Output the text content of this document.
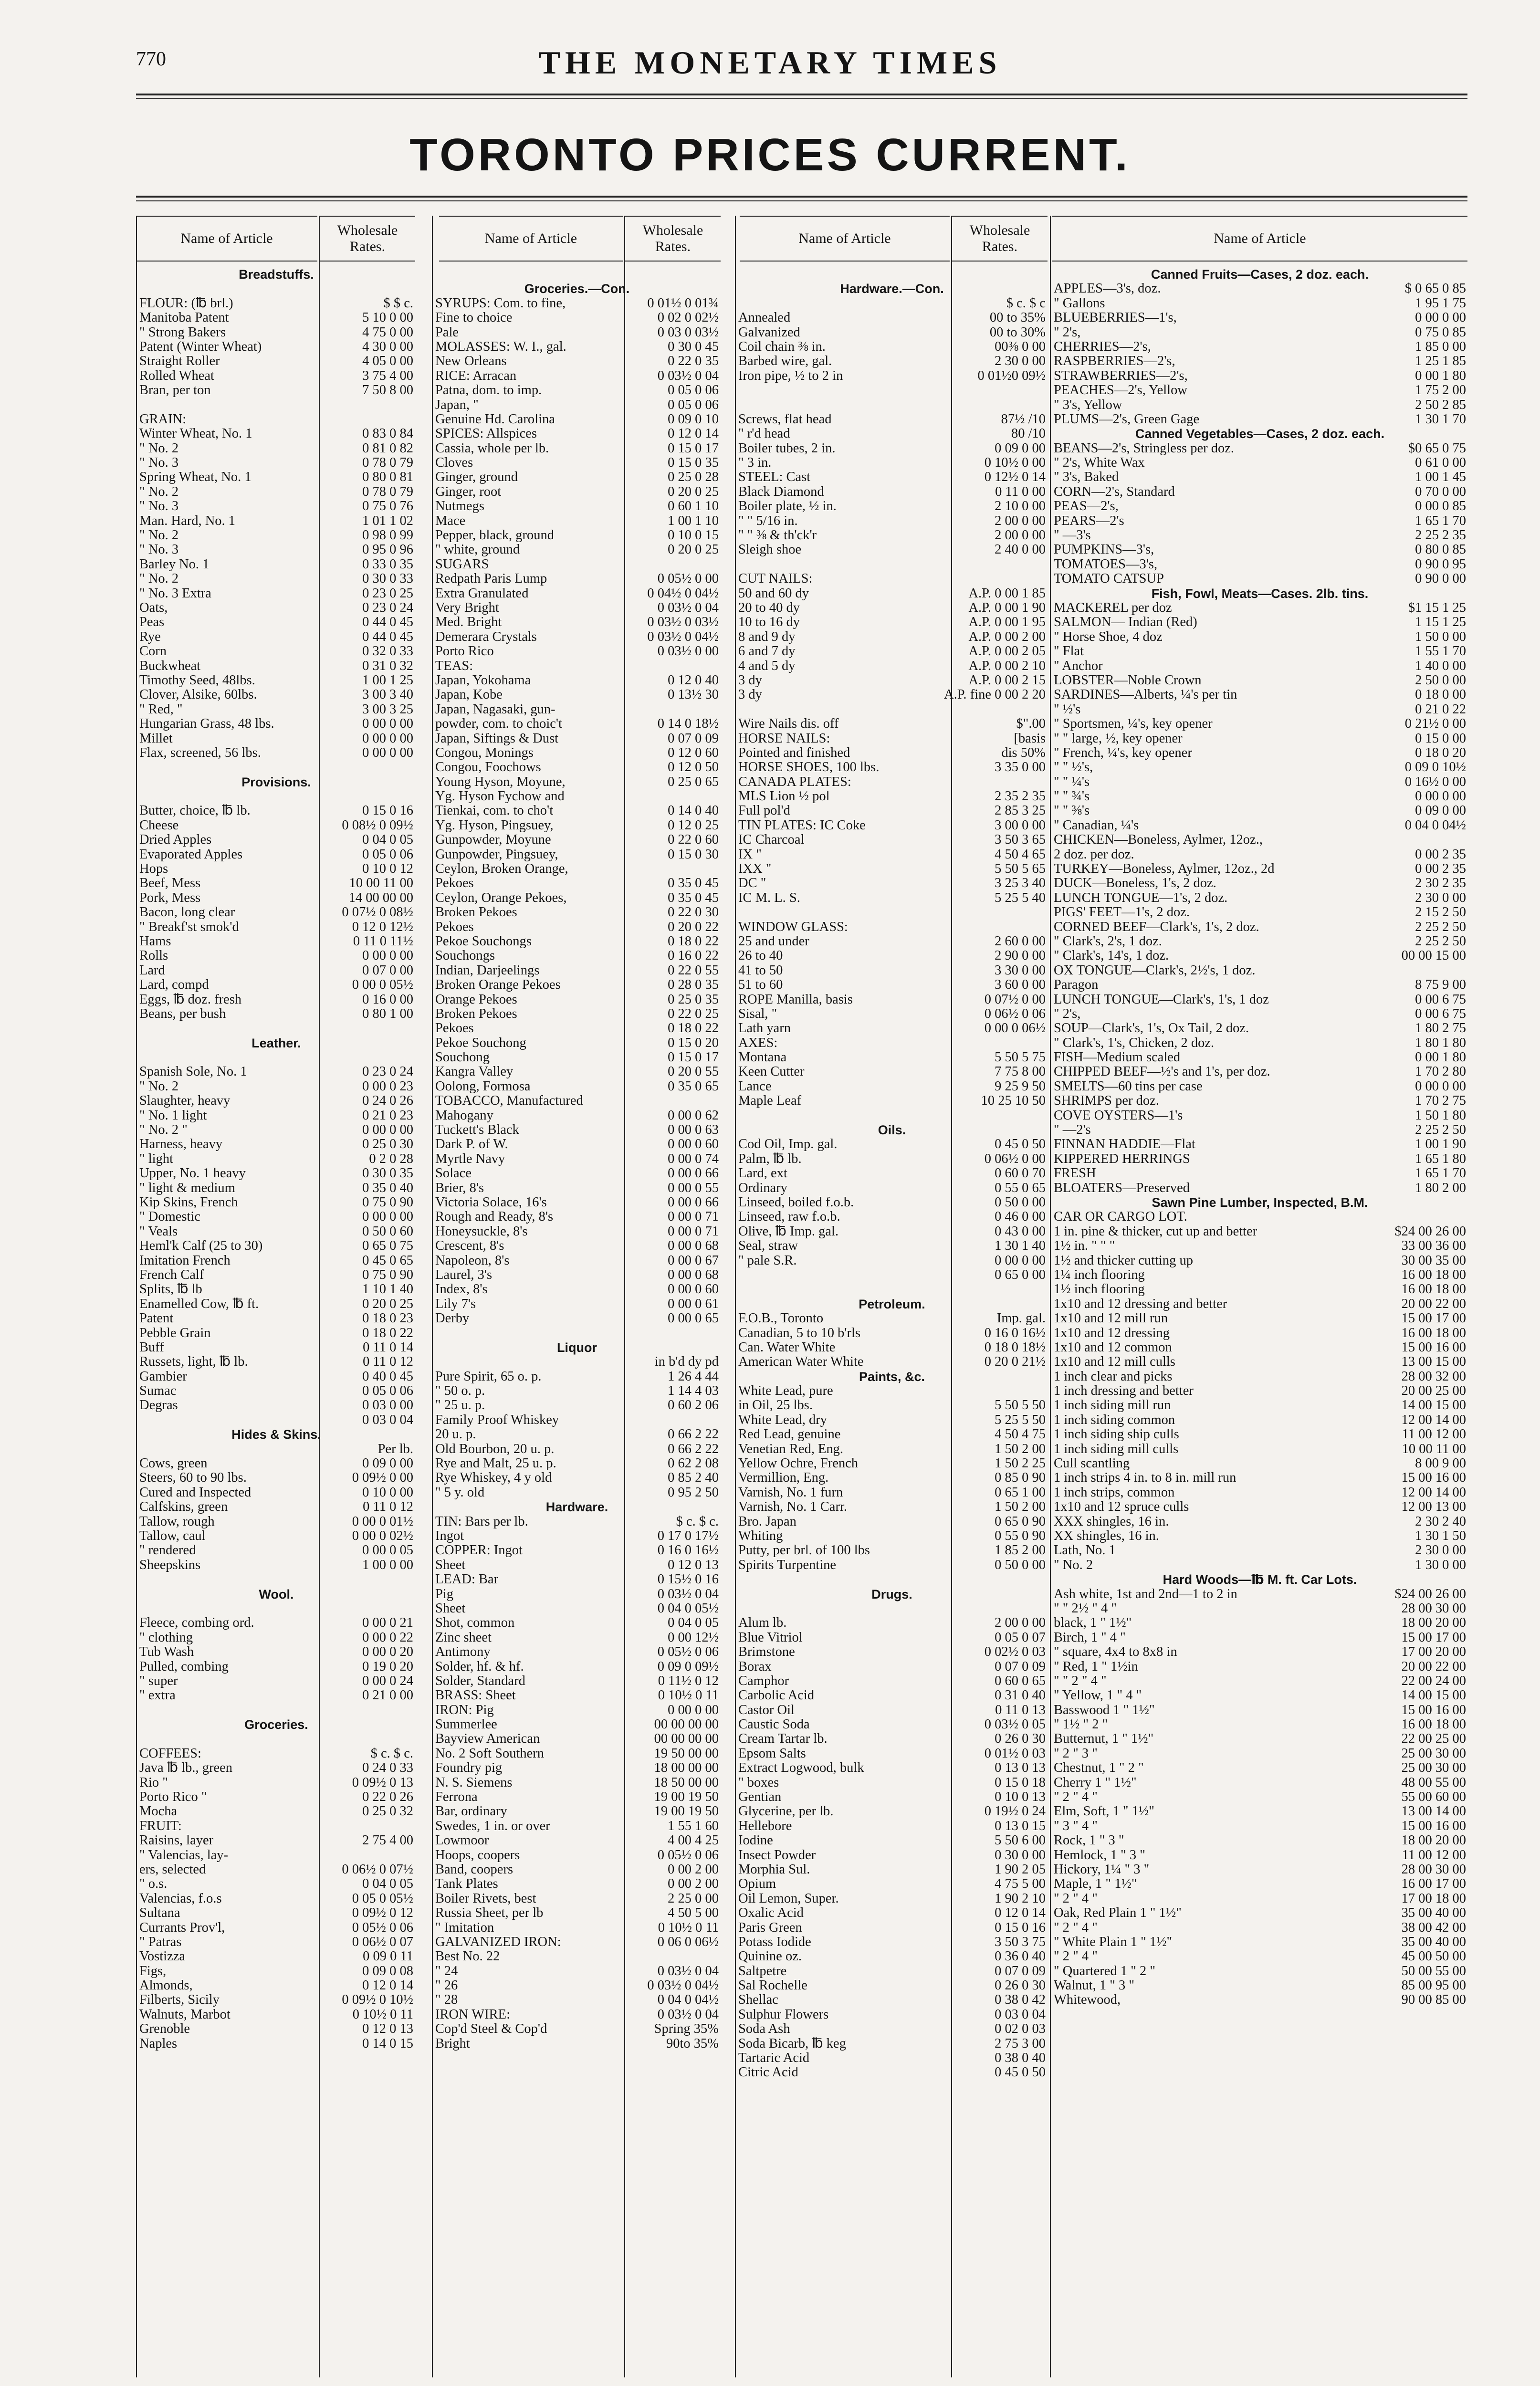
770	THE MONETARY TIMES
TORONTO PRICES CURRENT.
Name of Article
Wholesale Rates.
Name of Article
Wholesale Rates.
Name of Article
Wholesale Rates.
Name of Article
Breadstuffs.
FLOUR: (℔ brl.)	$ $ c.
Manitoba Patent	5 10 0 00
" Strong Bakers	4 75 0 00
Patent (Winter Wheat)	4 30 0 00
Straight Roller	4 05 0 00
Rolled Wheat	3 75 4 00
Bran, per ton	7 50 8 00
GRAIN:
Winter Wheat, No. 1	0 83 0 84
" No. 2	0 81 0 82
" No. 3	0 78 0 79
Spring Wheat, No. 1	0 80 0 81
" No. 2	0 78 0 79
" No. 3	0 75 0 76
Man. Hard, No. 1	1 01 1 02
" No. 2	0 98 0 99
" No. 3	0 95 0 96
Barley No. 1	0 33 0 35
" No. 2	0 30 0 33
" No. 3 Extra	0 23 0 25
Oats,	0 23 0 24
Peas	0 44 0 45
Rye	0 44 0 45
Corn	0 32 0 33
Buckwheat	0 31 0 32
Timothy Seed, 48lbs.	1 00 1 25
Clover, Alsike, 60lbs.	3 00 3 40
" Red, "	3 00 3 25
Hungarian Grass, 48 lbs.	0 00 0 00
Millet	0 00 0 00
Flax, screened, 56 lbs.	0 00 0 00
Provisions.
Butter, choice, ℔ lb.	0 15 0 16
Cheese	0 08½ 0 09½
Dried Apples	0 04 0 05
Evaporated Apples	0 05 0 06
Hops	0 10 0 12
Beef, Mess	10 00 11 00
Pork, Mess	14 00 00 00
Bacon, long clear	0 07½ 0 08½
" Breakf'st smok'd	0 12 0 12½
Hams	0 11 0 11½
Rolls	0 00 0 00
Lard	0 07 0 00
Lard, compd	0 00 0 05½
Eggs, ℔ doz. fresh	0 16 0 00
Beans, per bush	0 80 1 00
Leather.
Spanish Sole, No. 1	0 23 0 24
" No. 2	0 00 0 23
Slaughter, heavy	0 24 0 26
" No. 1 light	0 21 0 23
" No. 2 "	0 00 0 00
Harness, heavy	0 25 0 30
" light	0 2 0 28
Upper, No. 1 heavy	0 30 0 35
" light & medium	0 35 0 40
Kip Skins, French	0 75 0 90
" Domestic	0 00 0 00
" Veals	0 50 0 60
Heml'k Calf (25 to 30)	0 65 0 75
Imitation French	0 45 0 65
French Calf	0 75 0 90
Splits, ℔ lb	1 10 1 40
Enamelled Cow, ℔ ft.	0 20 0 25
Patent	0 18 0 23
Pebble Grain	0 18 0 22
Buff	0 11 0 14
Russets, light, ℔ lb.	0 11 0 12
Gambier	0 40 0 45
Sumac	0 05 0 06
Degras	0 03 0 00
0 03 0 04
Hides & Skins.
Per lb.
Cows, green	0 09 0 00
Steers, 60 to 90 lbs.	0 09½ 0 00
Cured and Inspected	0 10 0 00
Calfskins, green	0 11 0 12
Tallow, rough	0 00 0 01½
Tallow, caul	0 00 0 02½
" rendered	0 00 0 05
Sheepskins	1 00 0 00
Wool.
Fleece, combing ord.	0 00 0 21
" clothing	0 00 0 22
Tub Wash	0 00 0 20
Pulled, combing	0 19 0 20
" super	0 00 0 24
" extra	0 21 0 00
Groceries.
COFFEES:	$ c. $ c.
Java ℔ lb., green	0 24 0 33
Rio "	0 09½ 0 13
Porto Rico "	0 22 0 26
Mocha	0 25 0 32
FRUIT:
Raisins, layer	2 75 4 00
" Valencias, lay-
ers, selected	0 06½ 0 07½
" o.s.	0 04 0 05
Valencias, f.o.s	0 05 0 05½
Sultana	0 09½ 0 12
Currants Prov'l,	0 05½ 0 06
" Patras	0 06½ 0 07
Vostizza	0 09 0 11
Figs,	0 09 0 08
Almonds,	0 12 0 14
Filberts, Sicily	0 09½ 0 10½
Walnuts, Marbot	0 10½ 0 11
Grenoble	0 12 0 13
Naples	0 14 0 15
Groceries.—Con.
SYRUPS: Com. to fine,	0 01½ 0 01¾
Fine to choice	0 02 0 02½
Pale	0 03 0 03½
MOLASSES: W. I., gal.	0 30 0 45
New Orleans	0 22 0 35
RICE: Arracan	0 03½ 0 04
Patna, dom. to imp.	0 05 0 06
Japan, "	0 05 0 06
Genuine Hd. Carolina	0 09 0 10
SPICES: Allspices	0 12 0 14
Cassia, whole per lb.	0 15 0 17
Cloves	0 15 0 35
Ginger, ground	0 25 0 28
Ginger, root	0 20 0 25
Nutmegs	0 60 1 10
Mace	1 00 1 10
Pepper, black, ground	0 10 0 15
" white, ground	0 20 0 25
SUGARS
Redpath Paris Lump	0 05½ 0 00
Extra Granulated	0 04½ 0 04½
Very Bright	0 03½ 0 04
Med. Bright	0 03½ 0 03½
Demerara Crystals	0 03½ 0 04½
Porto Rico	0 03½ 0 00
TEAS:
Japan, Yokohama	0 12 0 40
Japan, Kobe	0 13½ 30
Japan, Nagasaki, gun-
powder, com. to choic't	0 14 0 18½
Japan, Siftings & Dust	0 07 0 09
Congou, Monings	0 12 0 60
Congou, Foochows	0 12 0 50
Young Hyson, Moyune,	0 25 0 65
Yg. Hyson Fychow and
Tienkai, com. to cho't	0 14 0 40
Yg. Hyson, Pingsuey,	0 12 0 25
Gunpowder, Moyune	0 22 0 60
Gunpowder, Pingsuey,	0 15 0 30
Ceylon, Broken Orange,
Pekoes	0 35 0 45
Ceylon, Orange Pekoes,	0 35 0 45
Broken Pekoes	0 22 0 30
Pekoes	0 20 0 22
Pekoe Souchongs	0 18 0 22
Souchongs	0 16 0 22
Indian, Darjeelings	0 22 0 55
Broken Orange Pekoes	0 28 0 35
Orange Pekoes	0 25 0 35
Broken Pekoes	0 22 0 25
Pekoes	0 18 0 22
Pekoe Souchong	0 15 0 20
Souchong	0 15 0 17
Kangra Valley	0 20 0 55
Oolong, Formosa	0 35 0 65
TOBACCO, Manufactured
Mahogany	0 00 0 62
Tuckett's Black	0 00 0 63
Dark P. of W.	0 00 0 60
Myrtle Navy	0 00 0 74
Solace	0 00 0 66
Brier, 8's	0 00 0 55
Victoria Solace, 16's	0 00 0 66
Rough and Ready, 8's	0 00 0 71
Honeysuckle, 8's	0 00 0 71
Crescent, 8's	0 00 0 68
Napoleon, 8's	0 00 0 67
Laurel, 3's	0 00 0 68
Index, 8's	0 00 0 60
Lily 7's	0 00 0 61
Derby	0 00 0 65
Liquor
in b'd dy pd
Pure Spirit, 65 o. p.	1 26 4 44
" 50 o. p.	1 14 4 03
" 25 u. p.	0 60 2 06
Family Proof Whiskey
20 u. p.	0 66 2 22
Old Bourbon, 20 u. p.	0 66 2 22
Rye and Malt, 25 u. p.	0 62 2 08
Rye Whiskey, 4 y old	0 85 2 40
" 5 y. old	0 95 2 50
Hardware.
TIN: Bars per lb.	$ c. $ c.
Ingot	0 17 0 17½
COPPER: Ingot	0 16 0 16½
Sheet	0 12 0 13
LEAD: Bar	0 15½ 0 16
Pig	0 03½ 0 04
Sheet	0 04 0 05½
Shot, common	0 04 0 05
Zinc sheet	0 00 12½
Antimony	0 05½ 0 06
Solder, hf. & hf.	0 09 0 09½
Solder, Standard	0 11½ 0 12
BRASS: Sheet	0 10½ 0 11
IRON: Pig	0 00 0 00
Summerlee	00 00 00 00
Bayview American	00 00 00 00
No. 2 Soft Southern	19 50 00 00
Foundry pig	18 00 00 00
N. S. Siemens	18 50 00 00
Ferrona	19 00 19 50
Bar, ordinary	19 00 19 50
Swedes, 1 in. or over	1 55 1 60
Lowmoor	4 00 4 25
Hoops, coopers	0 05½ 0 06
Band, coopers	0 00 2 00
Tank Plates	0 00 2 00
Boiler Rivets, best	2 25 0 00
Russia Sheet, per lb	4 50 5 00
" Imitation	0 10½ 0 11
GALVANIZED IRON:	0 06 0 06½
Best No. 22
" 24	0 03½ 0 04
" 26	0 03½ 0 04½
" 28	0 04 0 04½
IRON WIRE:	0 03½ 0 04
Cop'd Steel & Cop'd	Spring 35%
Bright	90to 35%
Hardware.—Con.
$ c. $ c
Annealed	00 to 35%
Galvanized	00 to 30%
Coil chain ⅜ in.	00⅜ 0 00
Barbed wire, gal.	2 30 0 00
Iron pipe, ½ to 2 in	0 01½0 09½
Screws, flat head	87½ /10
" r'd head	80 /10
Boiler tubes, 2 in.	0 09 0 00
" 3 in.	0 10½ 0 00
STEEL: Cast	0 12½ 0 14
Black Diamond	0 11 0 00
Boiler plate, ½ in.	2 10 0 00
" " 5/16 in.	2 00 0 00
" " ⅜ & th'ck'r	2 00 0 00
Sleigh shoe	2 40 0 00
CUT NAILS:
50 and 60 dy	A.P. 0 00 1 85
20 to 40 dy	A.P. 0 00 1 90
10 to 16 dy	A.P. 0 00 1 95
8 and 9 dy	A.P. 0 00 2 00
6 and 7 dy	A.P. 0 00 2 05
4 and 5 dy	A.P. 0 00 2 10
3 dy	A.P. 0 00 2 15
3 dy	A.P. fine 0 00 2 20
Wire Nails dis. off	$".00
HORSE NAILS:	[basis
Pointed and finished	dis 50%
HORSE SHOES, 100 lbs.	3 35 0 00
CANADA PLATES:
MLS Lion ½ pol	2 35 2 35
Full pol'd	2 85 3 25
TIN PLATES: IC Coke	3 00 0 00
IC Charcoal	3 50 3 65
IX "	4 50 4 65
IXX "	5 50 5 65
DC "	3 25 3 40
IC M. L. S.	5 25 5 40
WINDOW GLASS:
25 and under	2 60 0 00
26 to 40	2 90 0 00
41 to 50	3 30 0 00
51 to 60	3 60 0 00
ROPE Manilla, basis	0 07½ 0 00
Sisal, "	0 06½ 0 06
Lath yarn	0 00 0 06½
AXES:
Montana	5 50 5 75
Keen Cutter	7 75 8 00
Lance	9 25 9 50
Maple Leaf	10 25 10 50
Oils.
Cod Oil, Imp. gal.	0 45 0 50
Palm, ℔ lb.	0 06½ 0 00
Lard, ext	0 60 0 70
Ordinary	0 55 0 65
Linseed, boiled f.o.b.	0 50 0 00
Linseed, raw f.o.b.	0 46 0 00
Olive, ℔ Imp. gal.	0 43 0 00
Seal, straw	1 30 1 40
" pale S.R.	0 00 0 00
0 65 0 00
Petroleum.
F.O.B., Toronto	Imp. gal.
Canadian, 5 to 10 b'rls	0 16 0 16½
Can. Water White	0 18 0 18½
American Water White	0 20 0 21½
Paints, &c.
White Lead, pure
in Oil, 25 lbs.	5 50 5 50
White Lead, dry	5 25 5 50
Red Lead, genuine	4 50 4 75
Venetian Red, Eng.	1 50 2 00
Yellow Ochre, French	1 50 2 25
Vermillion, Eng.	0 85 0 90
Varnish, No. 1 furn	0 65 1 00
Varnish, No. 1 Carr.	1 50 2 00
Bro. Japan	0 65 0 90
Whiting	0 55 0 90
Putty, per brl. of 100 lbs	1 85 2 00
Spirits Turpentine	0 50 0 00
Drugs.
Alum lb.	2 00 0 00
Blue Vitriol	0 05 0 07
Brimstone	0 02½ 0 03
Borax	0 07 0 09
Camphor	0 60 0 65
Carbolic Acid	0 31 0 40
Castor Oil	0 11 0 13
Caustic Soda	0 03½ 0 05
Cream Tartar lb.	0 26 0 30
Epsom Salts	0 01½ 0 03
Extract Logwood, bulk	0 13 0 13
" boxes	0 15 0 18
Gentian	0 10 0 13
Glycerine, per lb.	0 19½ 0 24
Hellebore	0 13 0 15
Iodine	5 50 6 00
Insect Powder	0 30 0 00
Morphia Sul.	1 90 2 05
Opium	4 75 5 00
Oil Lemon, Super.	1 90 2 10
Oxalic Acid	0 12 0 14
Paris Green	0 15 0 16
Potass Iodide	3 50 3 75
Quinine oz.	0 36 0 40
Saltpetre	0 07 0 09
Sal Rochelle	0 26 0 30
Shellac	0 38 0 42
Sulphur Flowers	0 03 0 04
Soda Ash	0 02 0 03
Soda Bicarb, ℔ keg	2 75 3 00
Tartaric Acid	0 38 0 40
Citric Acid	0 45 0 50
Canned Fruits—Cases, 2 doz. each.
APPLES—3's, doz.	$ 0 65 0 85
" Gallons	1 95 1 75
BLUEBERRIES—1's,	0 00 0 00
" 2's,	0 75 0 85
CHERRIES—2's,	1 85 0 00
RASPBERRIES—2's,	1 25 1 85
STRAWBERRIES—2's,	0 00 1 80
PEACHES—2's, Yellow	1 75 2 00
" 3's, Yellow	2 50 2 85
PLUMS—2's, Green Gage	1 30 1 70
Canned Vegetables—Cases, 2 doz. each.
BEANS—2's, Stringless per doz.	$0 65 0 75
" 2's, White Wax	0 61 0 00
" 3's, Baked	1 00 1 45
CORN—2's, Standard	0 70 0 00
PEAS—2's,	0 00 0 85
PEARS—2's	1 65 1 70
" —3's	2 25 2 35
PUMPKINS—3's,	0 80 0 85
TOMATOES—3's,	0 90 0 95
TOMATO CATSUP	0 90 0 00
Fish, Fowl, Meats—Cases. 2lb. tins.
MACKEREL per doz	$1 15 1 25
SALMON— Indian (Red)	1 15 1 25
" Horse Shoe, 4 doz	1 50 0 00
" Flat	1 55 1 70
" Anchor	1 40 0 00
LOBSTER—Noble Crown	2 50 0 00
SARDINES—Alberts, ¼'s per tin	0 18 0 00
" ½'s	0 21 0 22
" Sportsmen, ¼'s, key opener	0 21½ 0 00
" " large, ½, key opener	0 15 0 00
" French, ¼'s, key opener	0 18 0 20
" " ½'s,	0 09 0 10½
" " ¼'s	0 16½ 0 00
" " ¾'s	0 00 0 00
" " ⅜'s	0 09 0 00
" Canadian, ¼'s	0 04 0 04½
CHICKEN—Boneless, Aylmer, 12oz.,
2 doz. per doz.	0 00 2 35
TURKEY—Boneless, Aylmer, 12oz., 2d	0 00 2 35
DUCK—Boneless, 1's, 2 doz.	2 30 2 35
LUNCH TONGUE—1's, 2 doz.	2 30 0 00
PIGS' FEET—1's, 2 doz.	2 15 2 50
CORNED BEEF—Clark's, 1's, 2 doz.	2 25 2 50
" Clark's, 2's, 1 doz.	2 25 2 50
" Clark's, 14's, 1 doz.	00 00 15 00
OX TONGUE—Clark's, 2½'s, 1 doz.
Paragon	8 75 9 00
LUNCH TONGUE—Clark's, 1's, 1 doz	0 00 6 75
" 2's,	0 00 6 75
SOUP—Clark's, 1's, Ox Tail, 2 doz.	1 80 2 75
" Clark's, 1's, Chicken, 2 doz.	1 80 1 80
FISH—Medium scaled	0 00 1 80
CHIPPED BEEF—½'s and 1's, per doz.	1 70 2 80
SMELTS—60 tins per case	0 00 0 00
SHRIMPS per doz.	1 70 2 75
COVE OYSTERS—1's	1 50 1 80
" —2's	2 25 2 50
FINNAN HADDIE—Flat	1 00 1 90
KIPPERED HERRINGS	1 65 1 80
FRESH	1 65 1 70
BLOATERS—Preserved	1 80 2 00
Sawn Pine Lumber, Inspected, B.M.
CAR OR CARGO LOT.
1 in. pine & thicker, cut up and better	$24 00 26 00
1½ in. " " "	33 00 36 00
1½ and thicker cutting up	30 00 35 00
1¼ inch flooring	16 00 18 00
1½ inch flooring	16 00 18 00
1x10 and 12 dressing and better	20 00 22 00
1x10 and 12 mill run	15 00 17 00
1x10 and 12 dressing	16 00 18 00
1x10 and 12 common	15 00 16 00
1x10 and 12 mill culls	13 00 15 00
1 inch clear and picks	28 00 32 00
1 inch dressing and better	20 00 25 00
1 inch siding mill run	14 00 15 00
1 inch siding common	12 00 14 00
1 inch siding ship culls	11 00 12 00
1 inch siding mill culls	10 00 11 00
Cull scantling	8 00 9 00
1 inch strips 4 in. to 8 in. mill run	15 00 16 00
1 inch strips, common	12 00 14 00
1x10 and 12 spruce culls	12 00 13 00
XXX shingles, 16 in.	2 30 2 40
XX shingles, 16 in.	1 30 1 50
Lath, No. 1	2 30 0 00
" No. 2	1 30 0 00
Hard Woods—℔ M. ft. Car Lots.
Ash white, 1st and 2nd—1 to 2 in	$24 00 26 00
" " 2½ " 4 "	28 00 30 00
black, 1 " 1½"	18 00 20 00
Birch, 1 " 4 "	15 00 17 00
" square, 4x4 to 8x8 in	17 00 20 00
" Red, 1 " 1½in	20 00 22 00
" " 2 " 4 "	22 00 24 00
" Yellow, 1 " 4 "	14 00 15 00
Basswood 1 " 1½"	15 00 16 00
" 1½ " 2 "	16 00 18 00
Butternut, 1 " 1½"	22 00 25 00
" 2 " 3 "	25 00 30 00
Chestnut, 1 " 2 "	25 00 30 00
Cherry 1 " 1½"	48 00 55 00
" 2 " 4 "	55 00 60 00
Elm, Soft, 1 " 1½"	13 00 14 00
" 3 " 4 "	15 00 16 00
Rock, 1 " 3 "	18 00 20 00
Hemlock, 1 " 3 "	11 00 12 00
Hickory, 1¼ " 3 "	28 00 30 00
Maple, 1 " 1½"	16 00 17 00
" 2 " 4 "	17 00 18 00
Oak, Red Plain 1 " 1½"	35 00 40 00
" 2 " 4 "	38 00 42 00
" White Plain 1 " 1½"	35 00 40 00
" 2 " 4 "	45 00 50 00
" Quartered 1 " 2 "	50 00 55 00
Walnut, 1 " 3 "	85 00 95 00
Whitewood,	90 00 85 00
